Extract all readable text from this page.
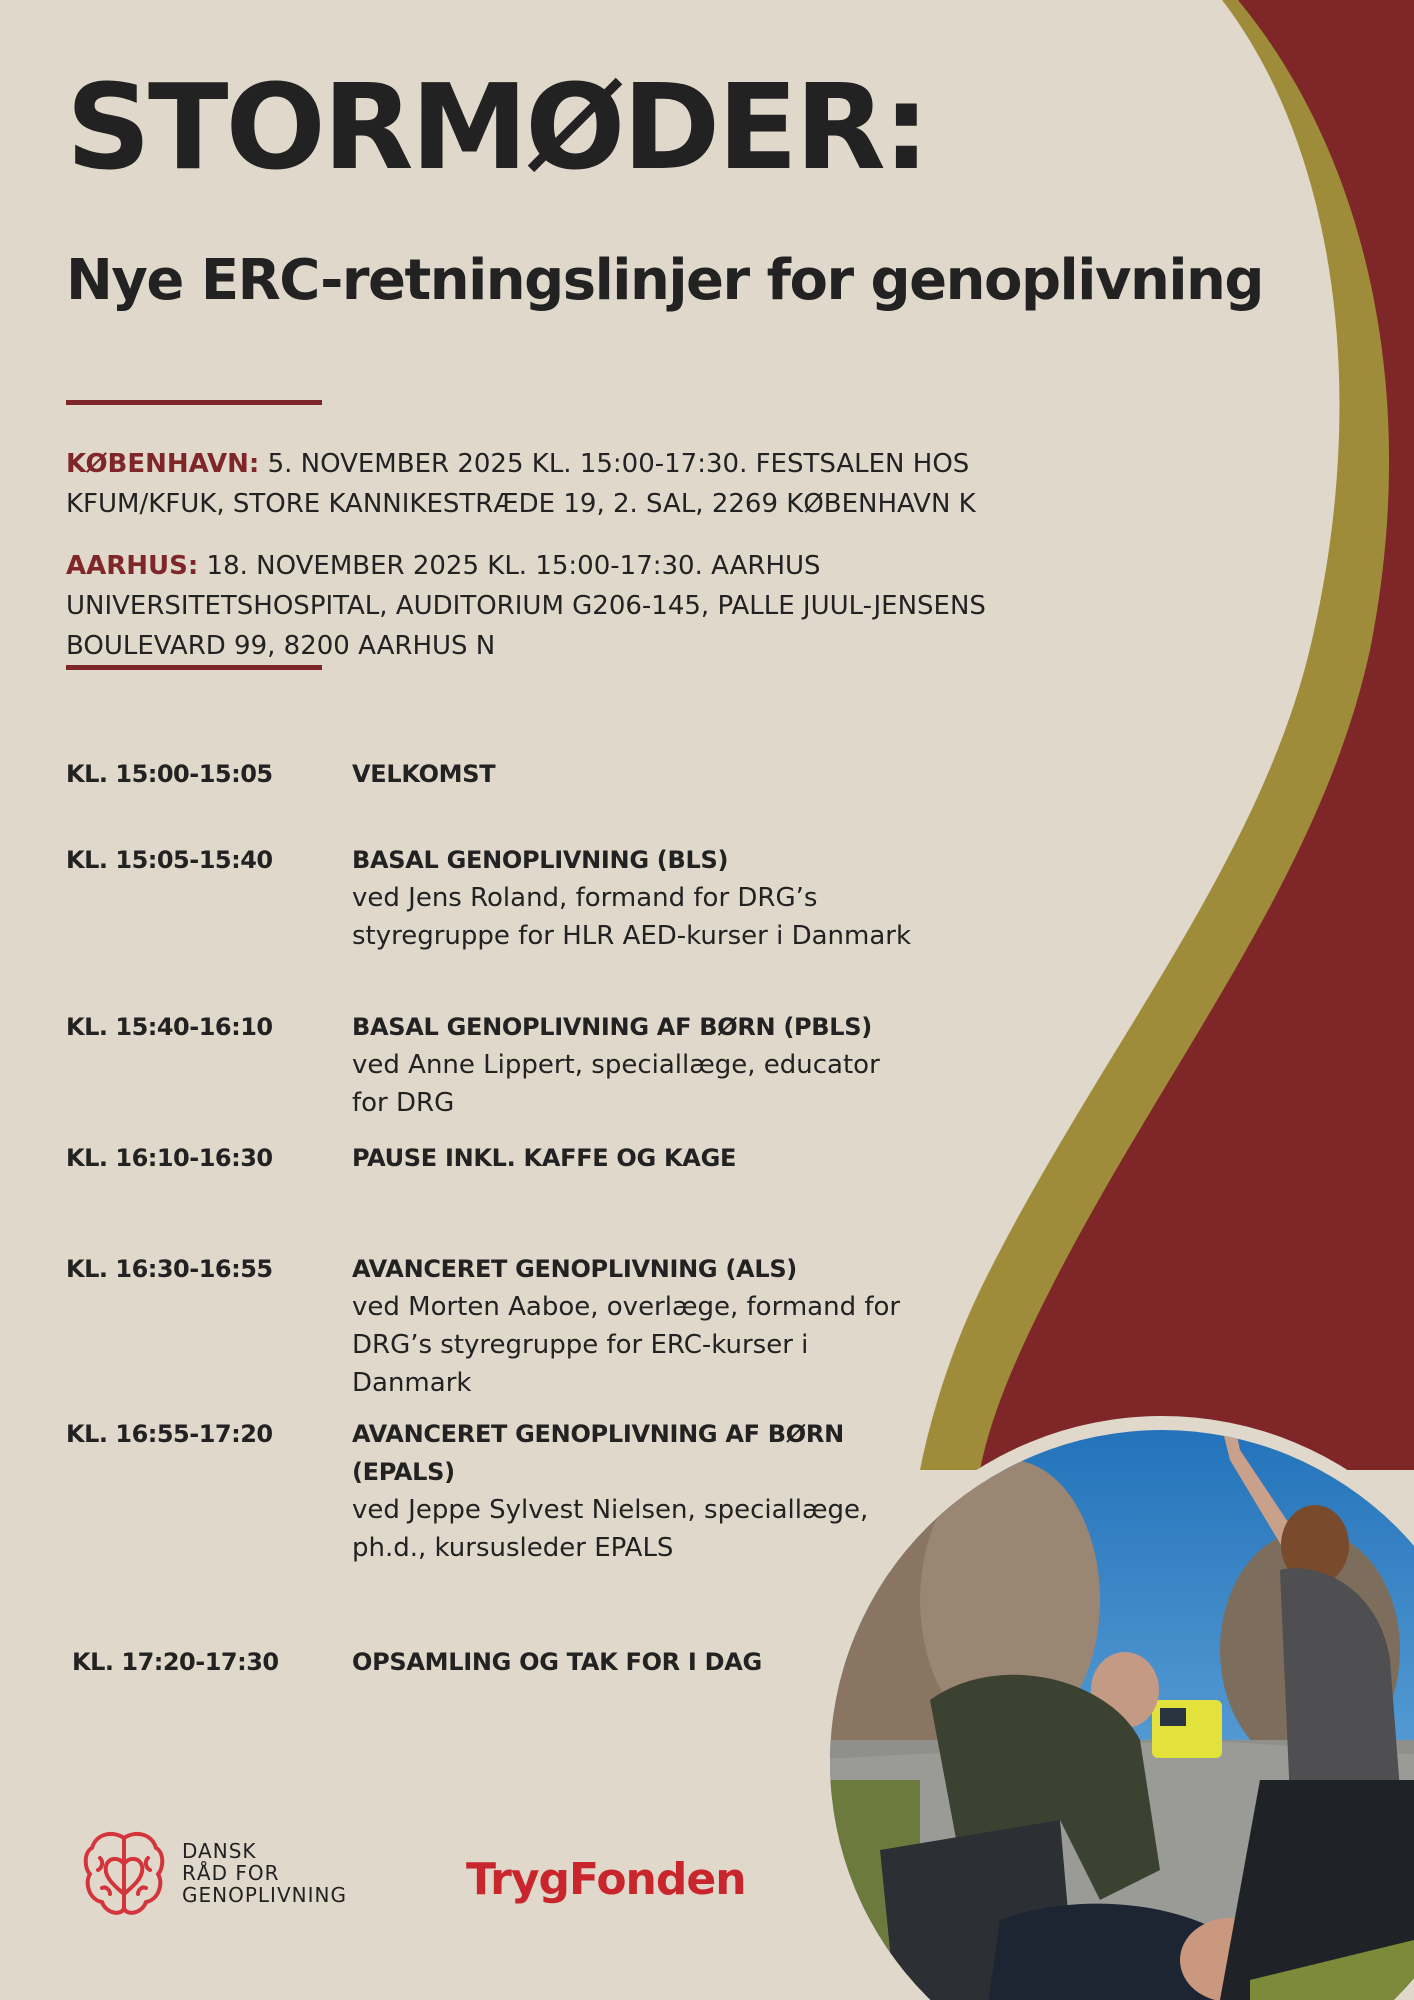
STORMØDER:
Nye ERC-retningslinjer for genoplivning

KØBENHAVN: 5. NOVEMBER 2025 KL. 15:00-17:30. FESTSALEN HOS KFUM/KFUK, STORE KANNIKESTRÆDE 19, 2. SAL, 2269 KØBENHAVN K

AARHUS: 18. NOVEMBER 2025 KL. 15:00-17:30. AARHUS UNIVERSITETSHOSPITAL, AUDITORIUM G206-145, PALLE JUUL-JENSENS BOULEVARD 99, 8200 AARHUS N

KL. 15:00-15:05	VELKOMST
KL. 15:05-15:40	BASAL GENOPLIVNING (BLS)
ved Jens Roland, formand for DRG’s styregruppe for HLR AED-kurser i Danmark
KL. 15:40-16:10	BASAL GENOPLIVNING AF BØRN (PBLS)
ved Anne Lippert, speciallæge, educator for DRG
KL. 16:10-16:30	PAUSE INKL. KAFFE OG KAGE
KL. 16:30-16:55	AVANCERET GENOPLIVNING (ALS)
ved Morten Aaboe, overlæge, formand for DRG’s styregruppe for ERC-kurser i Danmark
KL. 16:55-17:20	AVANCERET GENOPLIVNING AF BØRN (EPALS)
ved Jeppe Sylvest Nielsen, speciallæge, ph.d., kursusleder EPALS
KL. 17:20-17:30	OPSAMLING OG TAK FOR I DAG
DANSK
RÅD FOR
GENOPLIVNING	TrygFonden
